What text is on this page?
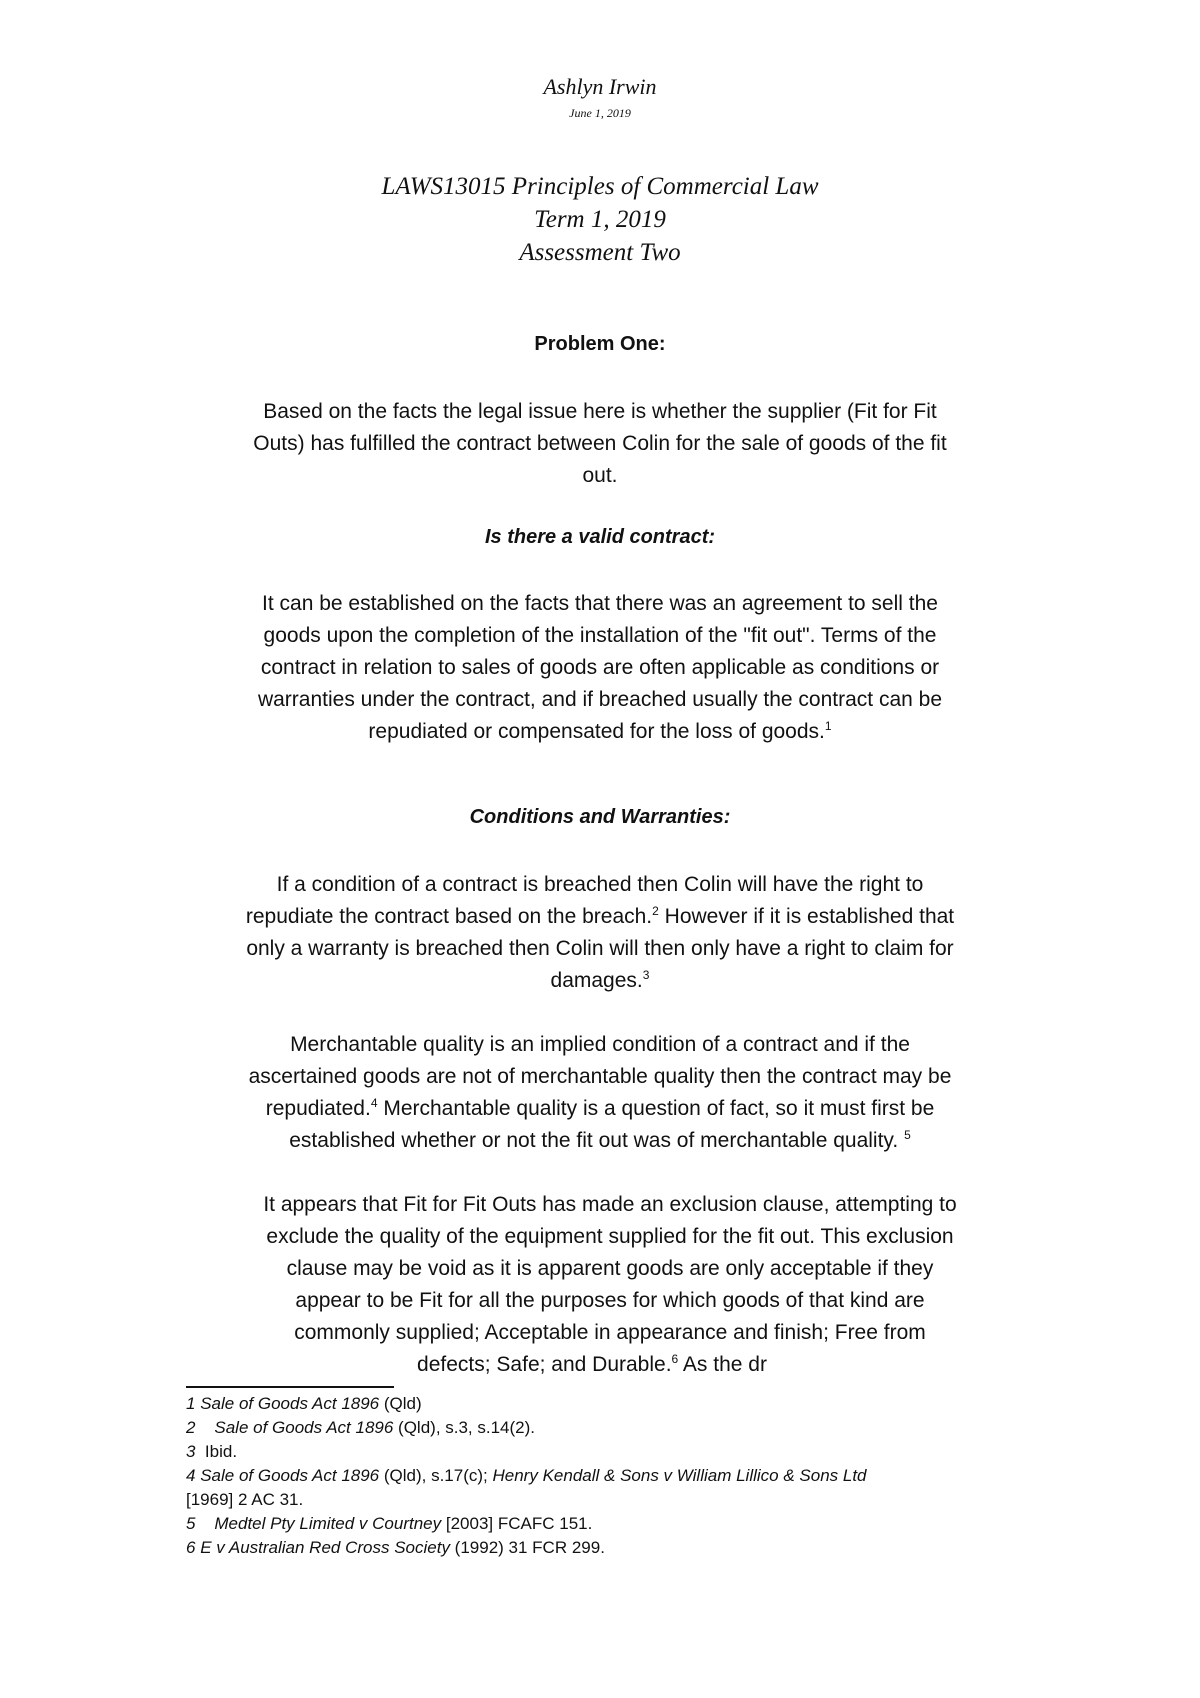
Ashlyn Irwin
June 1, 2019
LAWS13015 Principles of Commercial Law
Term 1, 2019
Assessment Two
Problem One:

Based on the facts the legal issue here is whether the supplier (Fit for Fit

Outs) has fulfilled the contract between Colin for the sale of goods of the fit

out.

Is there a valid contract:

It can be established on the facts that there was an agreement to sell the

goods upon the completion of the installation of the "fit out". Terms of the

contract in relation to sales of goods are often applicable as conditions or

warranties under the contract, and if breached usually the contract can be

repudiated or compensated for the loss of goods.$^1$

Conditions and Warranties:

If a condition of a contract is breached then Colin will have the right to

repudiate the contract based on the breach.$^2$ However if it is established that

only a warranty is breached then Colin will then only have a right to claim for

damages.$^3$

Merchantable quality is an implied condition of a contract and if the

ascertained goods are not of merchantable quality then the contract may be

repudiated.$^4$ Merchantable quality is a question of fact, so it must first be

established whether or not the fit out was of merchantable quality. $^5$

It appears that Fit for Fit Outs has made an exclusion clause, attempting to

exclude the quality of the equipment supplied for the fit out. This exclusion

clause may be void as it is apparent goods are only acceptable if they

appear to be Fit for all the purposes for which goods of that kind are

commonly supplied; Acceptable in appearance and finish; Free from

defects; Safe; and Durable.$^6$ As the dr

1 Sale of Goods Act 1896 (Qld)
2 Sale of Goods Act 1896 (Qld), s.3, s.14(2).
3 Ibid.
4 Sale of Goods Act 1896 (Qld), s.17(c); Henry Kendall & Sons v William Lillico & Sons Ltd
[1969] 2 AC 31.
5 Medtel Pty Limited v Courtney [2003] FCAFC 151.
6 E v Australian Red Cross Society (1992) 31 FCR 299.
